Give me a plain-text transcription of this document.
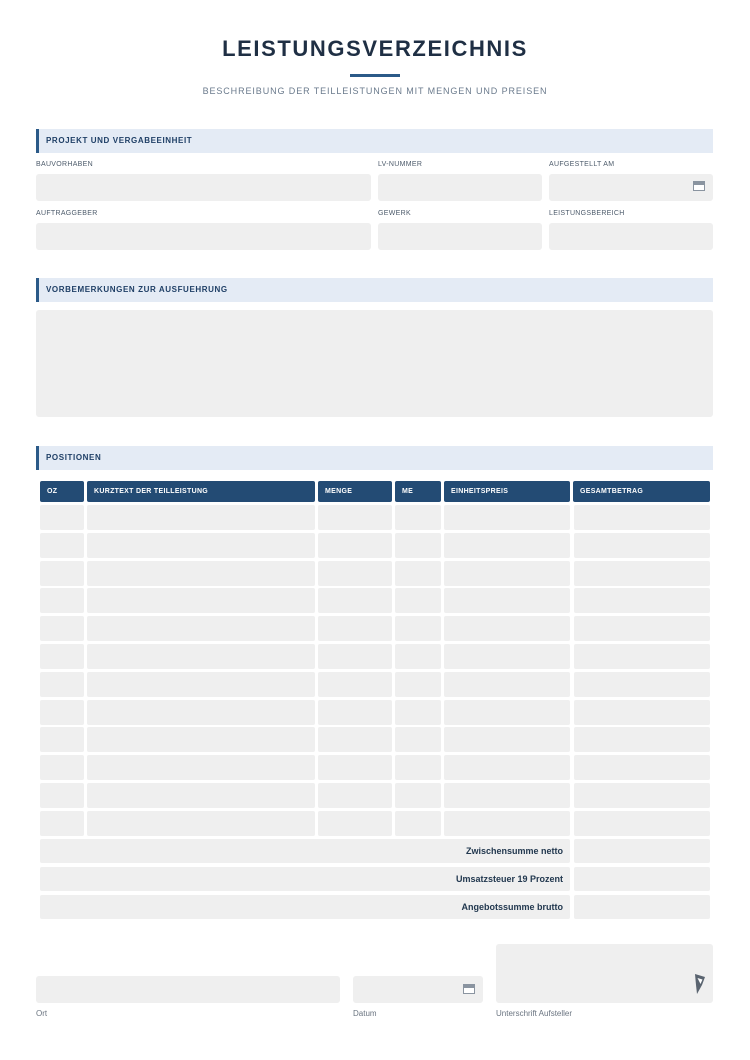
LEISTUNGSVERZEICHNIS
BESCHREIBUNG DER TEILLEISTUNGEN MIT MENGEN UND PREISEN
PROJEKT UND VERGABEEINHEIT
BAUVORHABEN	LV-NUMMER	AUFGESTELLT AM
AUFTRAGGEBER	GEWERK	LEISTUNGSBEREICH
VORBEMERKUNGEN ZUR AUSFUEHRUNG
POSITIONEN
OZ	KURZTEXT DER TEILLEISTUNG	MENGE	ME	EINHEITSPREIS	GESAMTBETRAG
Zwischensumme netto
Umsatzsteuer 19 Prozent
Angebotssumme brutto
Ort	Datum	Unterschrift Aufsteller
